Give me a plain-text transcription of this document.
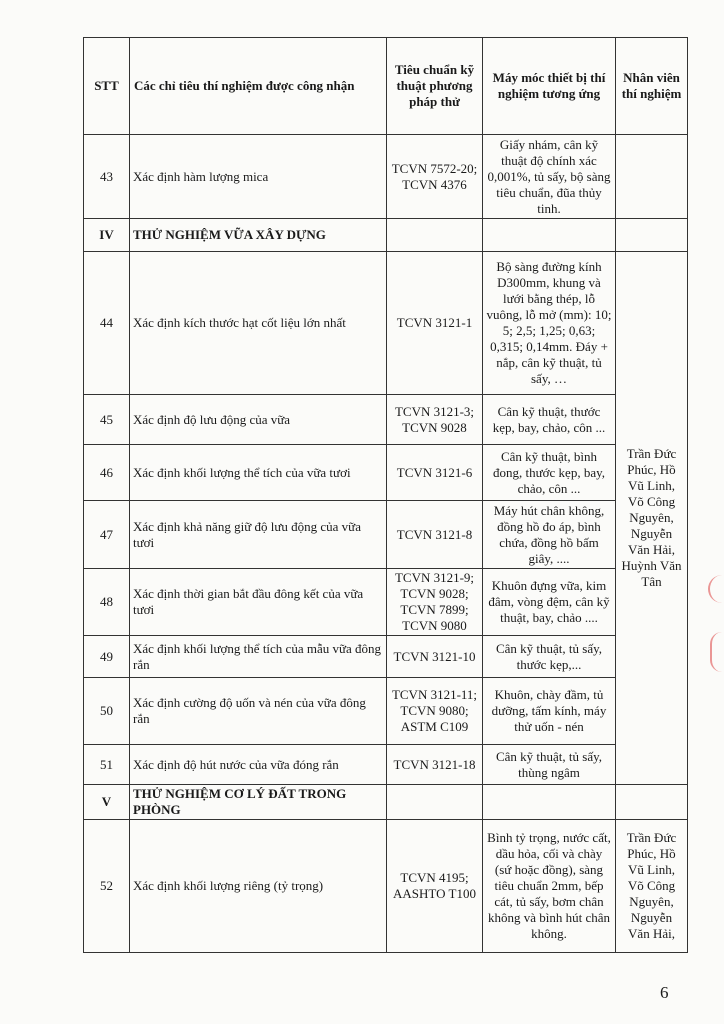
STT	Các chỉ tiêu thí nghiệm được công nhận	Tiêu chuẩn kỹ thuật phương pháp thử	Máy móc thiết bị thí nghiệm tương ứng	Nhân viên thí nghiệm
43	Xác định hàm lượng mica	TCVN 7572-20; TCVN 4376	Giấy nhám, cân kỹ thuật độ chính xác 0,001%, tủ sấy, bộ sàng tiêu chuẩn, đũa thủy tinh.	
IV	THỬ NGHIỆM VỮA XÂY DỰNG			
44	Xác định kích thước hạt cốt liệu lớn nhất	TCVN 3121-1	Bộ sàng đường kính D300mm, khung và lưới bằng thép, lỗ vuông, lỗ mở (mm): 10; 5; 2,5; 1,25; 0,63; 0,315; 0,14mm. Đáy + nắp, cân kỹ thuật, tủ sấy, …	Trần Đức Phúc, Hồ Vũ Linh, Võ Công Nguyên, Nguyễn Văn Hải, Huỳnh Văn Tân
45	Xác định độ lưu động của vữa	TCVN 3121-3; TCVN 9028	Cân kỹ thuật, thước kẹp, bay, chảo, côn ...	
46	Xác định khối lượng thể tích của vữa tươi	TCVN 3121-6	Cân kỹ thuật, bình đong, thước kẹp, bay, chảo, côn ...	
47	Xác định khả năng giữ độ lưu động của vữa tươi	TCVN 3121-8	Máy hút chân không, đồng hồ đo áp, bình chứa, đồng hồ bấm giây, ....	
48	Xác định thời gian bắt đầu đông kết của vữa tươi	TCVN 3121-9; TCVN 9028; TCVN 7899; TCVN 9080	Khuôn đựng vữa, kim đâm, vòng đệm, cân kỹ thuật, bay, chảo ....	
49	Xác định khối lượng thể tích của mẫu vữa đông rắn	TCVN 3121-10	Cân kỹ thuật, tủ sấy, thước kẹp,...	
50	Xác định cường độ uốn và nén của vữa đông rắn	TCVN 3121-11; TCVN 9080; ASTM C109	Khuôn, chày đầm, tủ dưỡng, tấm kính, máy thử uốn - nén	
51	Xác định độ hút nước của vữa đóng rắn	TCVN 3121-18	Cân kỹ thuật, tủ sấy, thùng ngâm	
V	THỬ NGHIỆM CƠ LÝ ĐẤT TRONG PHÒNG			
52	Xác định khối lượng riêng (tỷ trọng)	TCVN 4195; AASHTO T100	Bình tỷ trọng, nước cất, dầu hỏa, cối và chày (sứ hoặc đồng), sàng tiêu chuẩn 2mm, bếp cát, tủ sấy, bơm chân không và bình hút chân không.	Trần Đức Phúc, Hồ Vũ Linh, Võ Công Nguyên, Nguyễn Văn Hải,
6
